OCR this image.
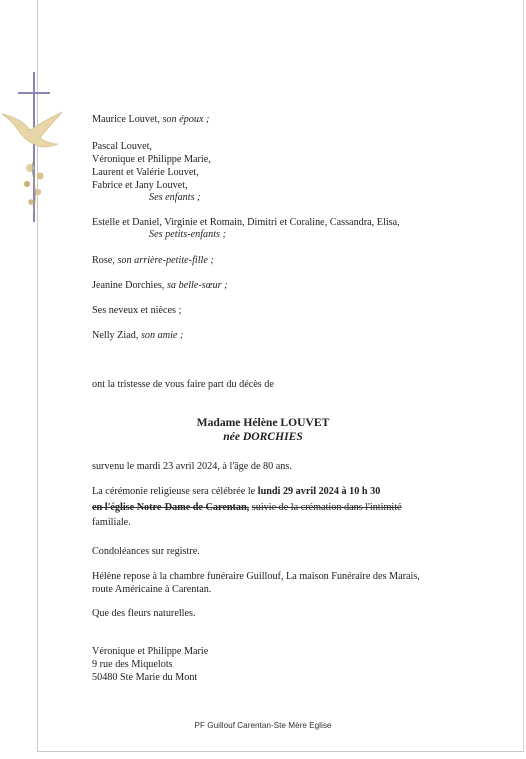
Maurice Louvet, son époux ;

Pascal Louvet,

Véronique et Philippe Marie,

Laurent et Valérie Louvet,

Fabrice et Jany Louvet,

Ses enfants ;

Estelle et Daniel, Virginie et Romain, Dimitri et Coraline, Cassandra, Elisa,

Ses petits-enfants ;

Rose, son arrière-petite-fille ;

Jeanine Dorchies, sa belle-sœur ;

Ses neveux et nièces ;

Nelly Ziad, son amie ;

ont la tristesse de vous faire part du décès de

Madame Hélène LOUVET

née DORCHIES

survenu le mardi 23 avril 2024, à l'âge de 80 ans.

La cérémonie religieuse sera célébrée le lundi 29 avril 2024 à 10 h 30

en l'église Notre-Dame de Carentan, suivie de la crémation dans l'intimité

familiale.

Condoléances sur registre.

Hélène repose à la chambre funéraire Guillouf, La maison Funéraire des Marais,

route Américaine à Carentan.

Que des fleurs naturelles.

Véronique et Philippe Marie

9 rue des Miquelots

50480 Ste Marie du Mont

PF Guillouf Carentan-Ste Mère Eglise
